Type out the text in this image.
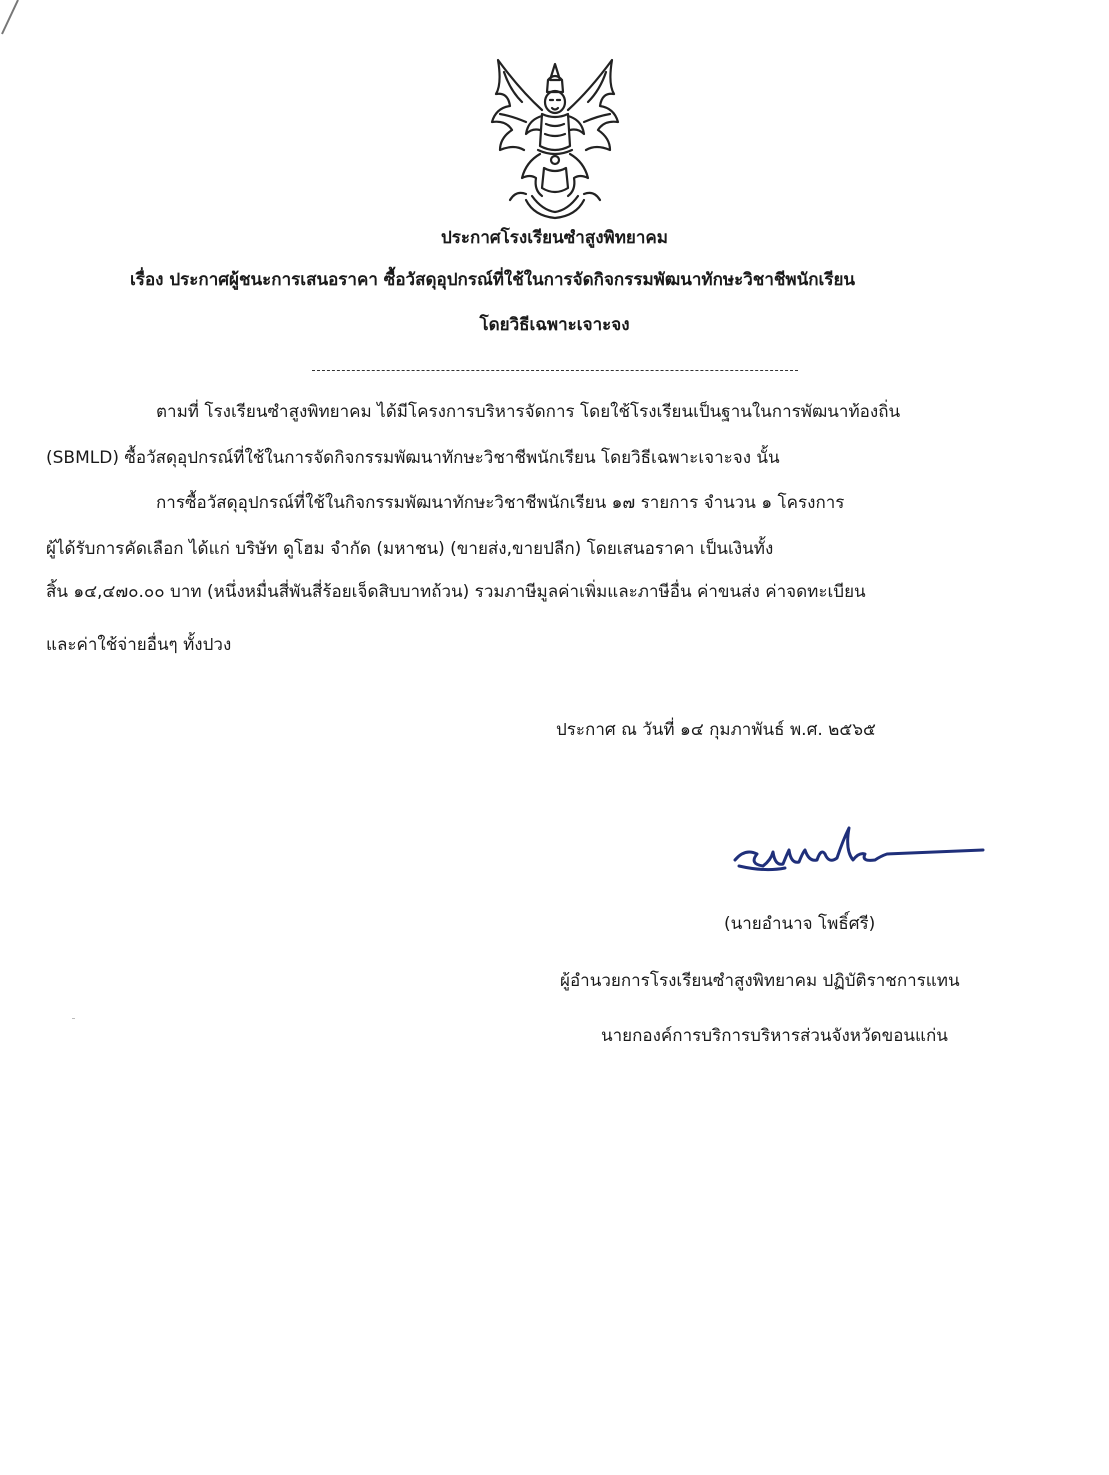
ประกาศโรงเรียนซำสูงพิทยาคม
เรื่อง ประกาศผู้ชนะการเสนอราคา ซื้อวัสดุอุปกรณ์ที่ใช้ในการจัดกิจกรรมพัฒนาทักษะวิชาชีพนักเรียน
โดยวิธีเฉพาะเจาะจง
ตามที่ โรงเรียนซำสูงพิทยาคม ได้มีโครงการบริหารจัดการ โดยใช้โรงเรียนเป็นฐานในการพัฒนาท้องถิ่น
(SBMLD) ซื้อวัสดุอุปกรณ์ที่ใช้ในการจัดกิจกรรมพัฒนาทักษะวิชาชีพนักเรียน โดยวิธีเฉพาะเจาะจง นั้น
การซื้อวัสดุอุปกรณ์ที่ใช้ในกิจกรรมพัฒนาทักษะวิชาชีพนักเรียน ๑๗ รายการ จำนวน ๑ โครงการ
ผู้ได้รับการคัดเลือก ได้แก่ บริษัท ดูโฮม จำกัด (มหาชน) (ขายส่ง,ขายปลีก) โดยเสนอราคา เป็นเงินทั้ง
สิ้น ๑๔,๔๗๐.๐๐ บาท (หนึ่งหมื่นสี่พันสี่ร้อยเจ็ดสิบบาทถ้วน) รวมภาษีมูลค่าเพิ่มและภาษีอื่น ค่าขนส่ง ค่าจดทะเบียน
และค่าใช้จ่ายอื่นๆ ทั้งปวง
ประกาศ ณ วันที่ ๑๔ กุมภาพันธ์ พ.ศ. ๒๕๖๕
(นายอำนาจ โพธิ์ศรี)
ผู้อำนวยการโรงเรียนซำสูงพิทยาคม ปฏิบัติราชการแทน
นายกองค์การบริการบริหารส่วนจังหวัดขอนแก่น
